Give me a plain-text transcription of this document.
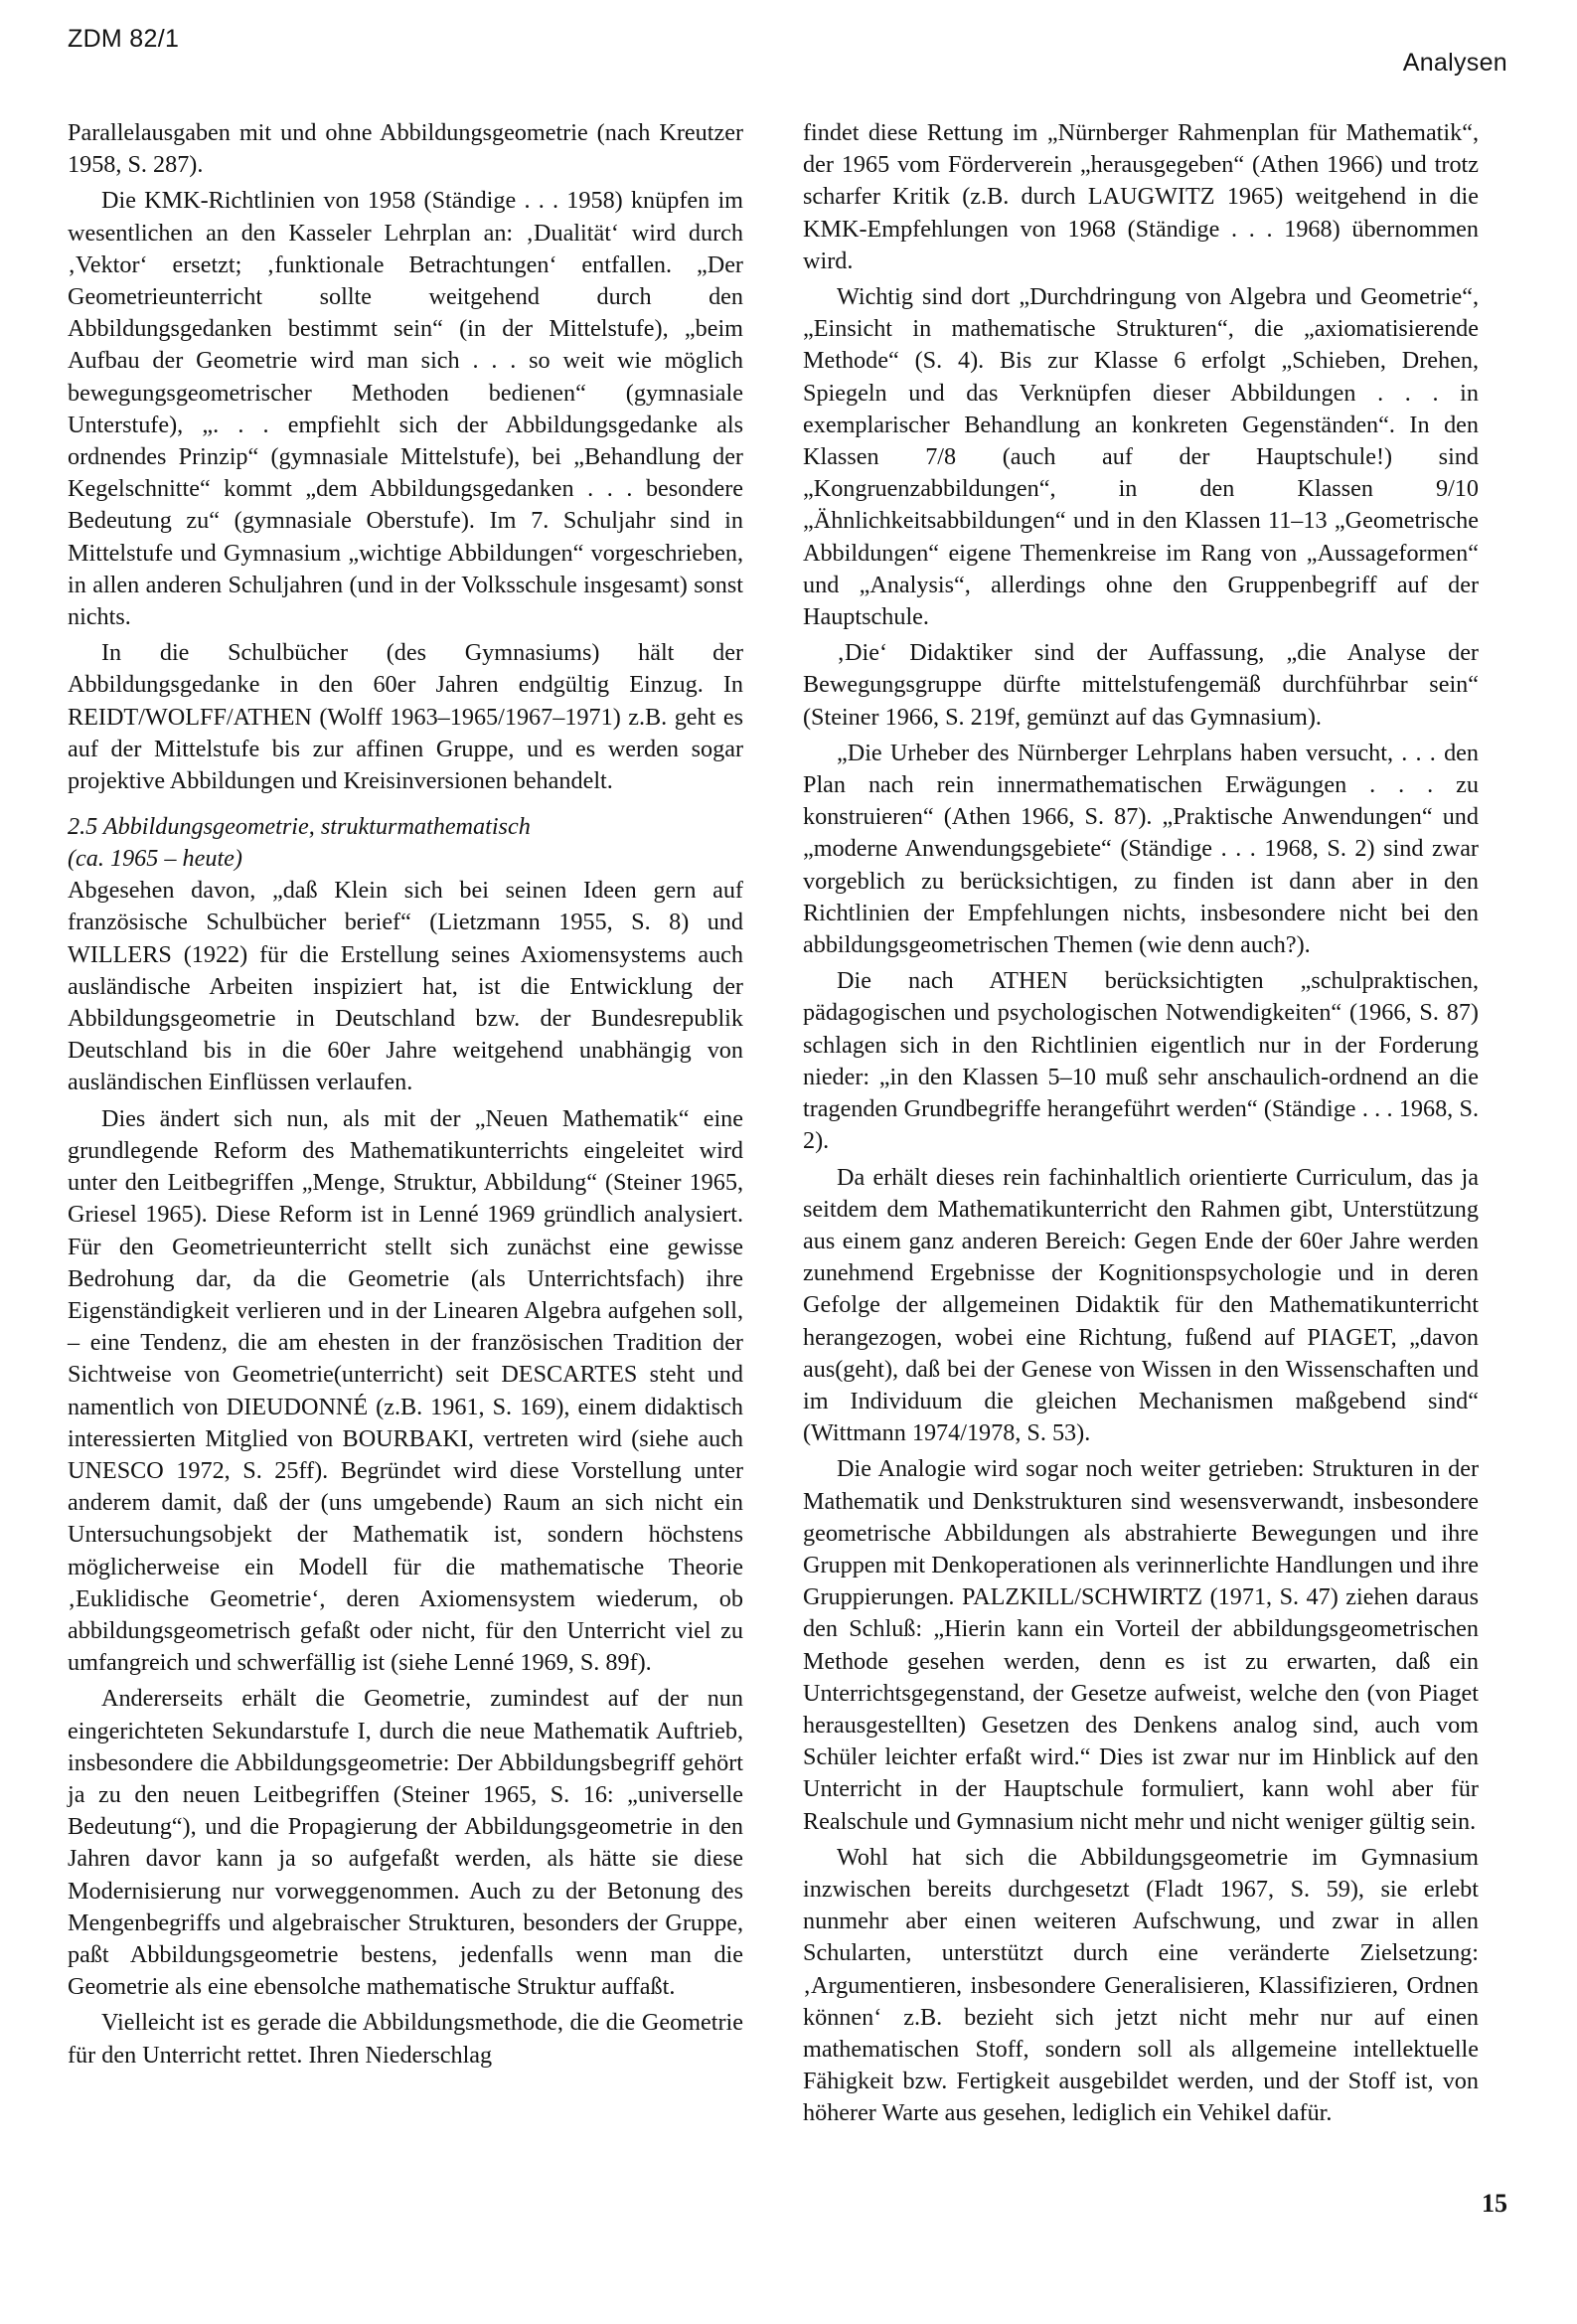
ZDM 82/1
Analysen

Parallelausgaben mit und ohne Abbildungsgeometrie (nach Kreutzer 1958, S. 287).

Die KMK-Richtlinien von 1958 (Ständige . . . 1958) knüpfen im wesentlichen an den Kasseler Lehrplan an: ‚Dualität‘ wird durch ‚Vektor‘ ersetzt; ‚funktionale Betrachtungen‘ entfallen. „Der Geometrieunterricht sollte weitgehend durch den Abbildungsgedanken bestimmt sein“ (in der Mittelstufe), „beim Aufbau der Geometrie wird man sich . . . so weit wie möglich bewegungsgeometrischer Methoden bedienen“ (gymnasiale Unterstufe), „. . . empfiehlt sich der Abbildungsgedanke als ordnendes Prinzip“ (gymnasiale Mittelstufe), bei „Behandlung der Kegelschnitte“ kommt „dem Abbildungsgedanken . . . besondere Bedeutung zu“ (gymnasiale Oberstufe). Im 7. Schuljahr sind in Mittelstufe und Gymnasium „wichtige Abbildungen“ vorgeschrieben, in allen anderen Schuljahren (und in der Volksschule insgesamt) sonst nichts.

In die Schulbücher (des Gymnasiums) hält der Abbildungsgedanke in den 60er Jahren endgültig Einzug. In REIDT/WOLFF/ATHEN (Wolff 1963–1965/1967–1971) z.B. geht es auf der Mittelstufe bis zur affinen Gruppe, und es werden sogar projektive Abbildungen und Kreisinversionen behandelt.

2.5 Abbildungsgeometrie, strukturmathematisch
(ca. 1965 – heute)

Abgesehen davon, „daß Klein sich bei seinen Ideen gern auf französische Schulbücher berief“ (Lietzmann 1955, S. 8) und WILLERS (1922) für die Erstellung seines Axiomensystems auch ausländische Arbeiten inspiziert hat, ist die Entwicklung der Abbildungsgeometrie in Deutschland bzw. der Bundesrepublik Deutschland bis in die 60er Jahre weitgehend unabhängig von ausländischen Einflüssen verlaufen.

Dies ändert sich nun, als mit der „Neuen Mathematik“ eine grundlegende Reform des Mathematikunterrichts eingeleitet wird unter den Leitbegriffen „Menge, Struktur, Abbildung“ (Steiner 1965, Griesel 1965). Diese Reform ist in Lenné 1969 gründlich analysiert. Für den Geometrieunterricht stellt sich zunächst eine gewisse Bedrohung dar, da die Geometrie (als Unterrichtsfach) ihre Eigenständigkeit verlieren und in der Linearen Algebra aufgehen soll, – eine Tendenz, die am ehesten in der französischen Tradition der Sichtweise von Geometrie(unterricht) seit DESCARTES steht und namentlich von DIEUDONNÉ (z.B. 1961, S. 169), einem didaktisch interessierten Mitglied von BOURBAKI, vertreten wird (siehe auch UNESCO 1972, S. 25ff). Begründet wird diese Vorstellung unter anderem damit, daß der (uns umgebende) Raum an sich nicht ein Untersuchungsobjekt der Mathematik ist, sondern höchstens möglicherweise ein Modell für die mathematische Theorie ‚Euklidische Geometrie‘, deren Axiomensystem wiederum, ob abbildungsgeometrisch gefaßt oder nicht, für den Unterricht viel zu umfangreich und schwerfällig ist (siehe Lenné 1969, S. 89f).

Andererseits erhält die Geometrie, zumindest auf der nun eingerichteten Sekundarstufe I, durch die neue Mathematik Auftrieb, insbesondere die Abbildungsgeometrie: Der Abbildungsbegriff gehört ja zu den neuen Leitbegriffen (Steiner 1965, S. 16: „universelle Bedeutung“), und die Propagierung der Abbildungsgeometrie in den Jahren davor kann ja so aufgefaßt werden, als hätte sie diese Modernisierung nur vorweggenommen. Auch zu der Betonung des Mengenbegriffs und algebraischer Strukturen, besonders der Gruppe, paßt Abbildungsgeometrie bestens, jedenfalls wenn man die Geometrie als eine ebensolche mathematische Struktur auffaßt.

Vielleicht ist es gerade die Abbildungsmethode, die die Geometrie für den Unterricht rettet. Ihren Niederschlag

findet diese Rettung im „Nürnberger Rahmenplan für Mathematik“, der 1965 vom Förderverein „herausgegeben“ (Athen 1966) und trotz scharfer Kritik (z.B. durch LAUGWITZ 1965) weitgehend in die KMK-Empfehlungen von 1968 (Ständige . . . 1968) übernommen wird.

Wichtig sind dort „Durchdringung von Algebra und Geometrie“, „Einsicht in mathematische Strukturen“, die „axiomatisierende Methode“ (S. 4). Bis zur Klasse 6 erfolgt „Schieben, Drehen, Spiegeln und das Verknüpfen dieser Abbildungen . . . in exemplarischer Behandlung an konkreten Gegenständen“. In den Klassen 7/8 (auch auf der Hauptschule!) sind „Kongruenzabbildungen“, in den Klassen 9/10 „Ähnlichkeitsabbildungen“ und in den Klassen 11–13 „Geometrische Abbildungen“ eigene Themenkreise im Rang von „Aussageformen“ und „Analysis“, allerdings ohne den Gruppenbegriff auf der Hauptschule.

‚Die‘ Didaktiker sind der Auffassung, „die Analyse der Bewegungsgruppe dürfte mittelstufengemäß durchführbar sein“ (Steiner 1966, S. 219f, gemünzt auf das Gymnasium).

„Die Urheber des Nürnberger Lehrplans haben versucht, . . . den Plan nach rein innermathematischen Erwägungen . . . zu konstruieren“ (Athen 1966, S. 87). „Praktische Anwendungen“ und „moderne Anwendungsgebiete“ (Ständige . . . 1968, S. 2) sind zwar vorgeblich zu berücksichtigen, zu finden ist dann aber in den Richtlinien der Empfehlungen nichts, insbesondere nicht bei den abbildungsgeometrischen Themen (wie denn auch?).

Die nach ATHEN berücksichtigten „schulpraktischen, pädagogischen und psychologischen Notwendigkeiten“ (1966, S. 87) schlagen sich in den Richtlinien eigentlich nur in der Forderung nieder: „in den Klassen 5–10 muß sehr anschaulich-ordnend an die tragenden Grundbegriffe herangeführt werden“ (Ständige . . . 1968, S. 2).

Da erhält dieses rein fachinhaltlich orientierte Curriculum, das ja seitdem dem Mathematikunterricht den Rahmen gibt, Unterstützung aus einem ganz anderen Bereich: Gegen Ende der 60er Jahre werden zunehmend Ergebnisse der Kognitionspsychologie und in deren Gefolge der allgemeinen Didaktik für den Mathematikunterricht herangezogen, wobei eine Richtung, fußend auf PIAGET, „davon aus(geht), daß bei der Genese von Wissen in den Wissenschaften und im Individuum die gleichen Mechanismen maßgebend sind“ (Wittmann 1974/1978, S. 53).

Die Analogie wird sogar noch weiter getrieben: Strukturen in der Mathematik und Denkstrukturen sind wesensverwandt, insbesondere geometrische Abbildungen als abstrahierte Bewegungen und ihre Gruppen mit Denkoperationen als verinnerlichte Handlungen und ihre Gruppierungen. PALZKILL/SCHWIRTZ (1971, S. 47) ziehen daraus den Schluß: „Hierin kann ein Vorteil der abbildungsgeometrischen Methode gesehen werden, denn es ist zu erwarten, daß ein Unterrichtsgegenstand, der Gesetze aufweist, welche den (von Piaget herausgestellten) Gesetzen des Denkens analog sind, auch vom Schüler leichter erfaßt wird.“ Dies ist zwar nur im Hinblick auf den Unterricht in der Hauptschule formuliert, kann wohl aber für Realschule und Gymnasium nicht mehr und nicht weniger gültig sein.

Wohl hat sich die Abbildungsgeometrie im Gymnasium inzwischen bereits durchgesetzt (Fladt 1967, S. 59), sie erlebt nunmehr aber einen weiteren Aufschwung, und zwar in allen Schularten, unterstützt durch eine veränderte Zielsetzung: ‚Argumentieren, insbesondere Generalisieren, Klassifizieren, Ordnen können‘ z.B. bezieht sich jetzt nicht mehr nur auf einen mathematischen Stoff, sondern soll als allgemeine intellektuelle Fähigkeit bzw. Fertigkeit ausgebildet werden, und der Stoff ist, von höherer Warte aus gesehen, lediglich ein Vehikel dafür.

15
